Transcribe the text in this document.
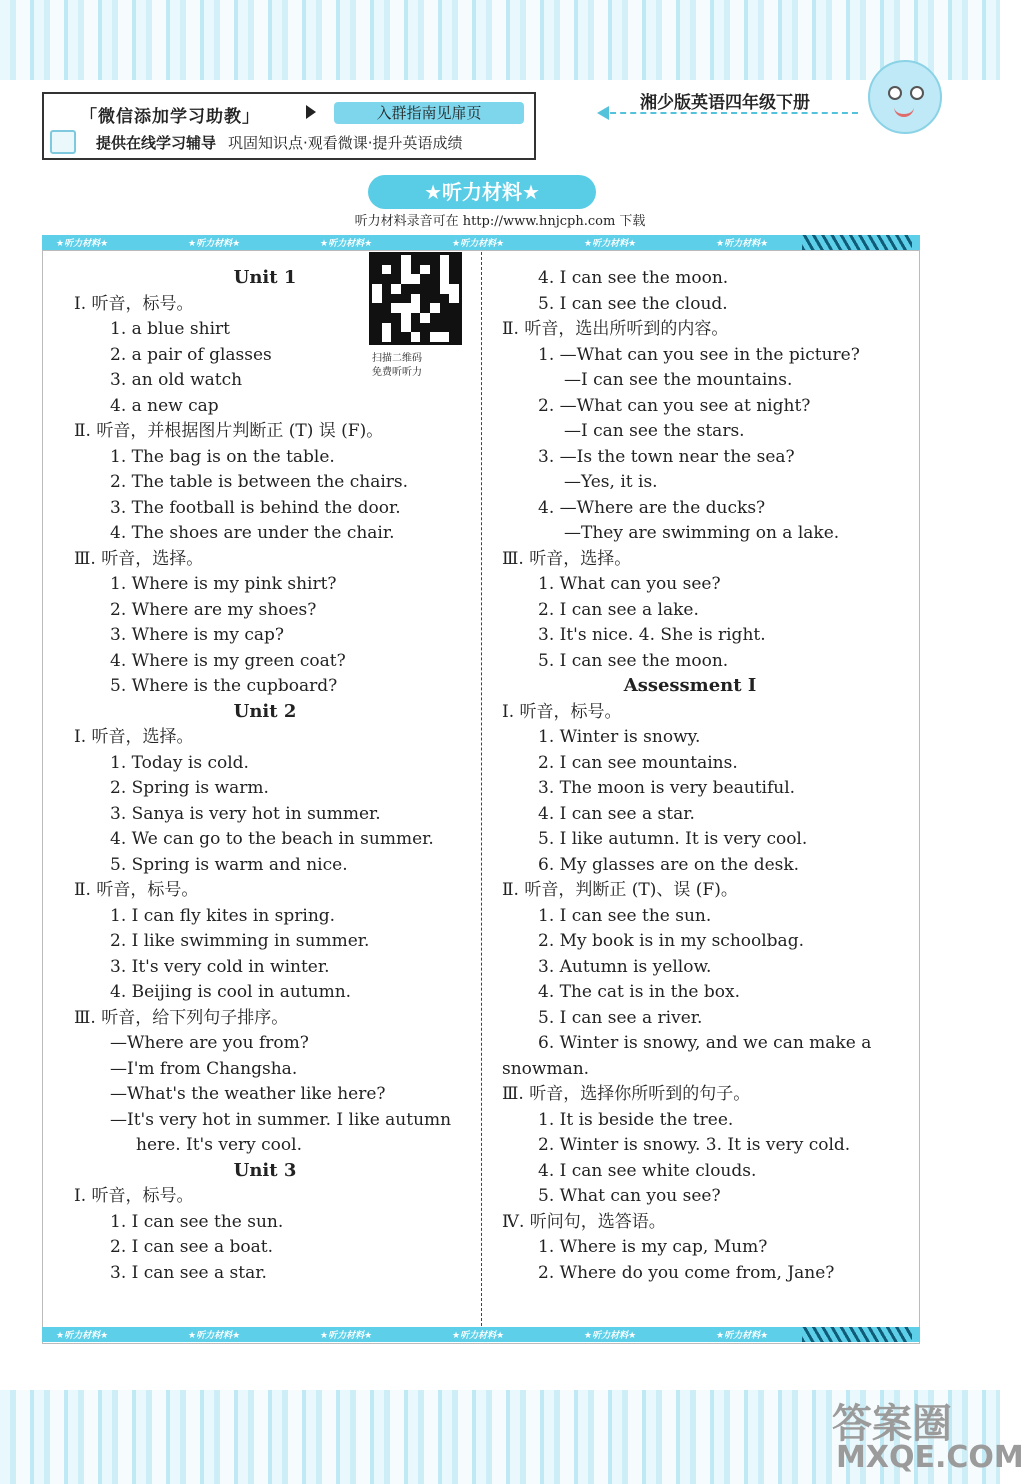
「微信添加学习助教」	入群指南见扉页
提供在线学习辅导 巩固知识点·观看微课·提升英语成绩
湘少版英语四年级下册
★听力材料★
听力材料录音可在 http://www.hnjcph.com 下载
★听力材料★	★听力材料★	★听力材料★	★听力材料★	★听力材料★	★听力材料★
扫描二维码
免费听听力
Unit 1
Ⅰ. 听音，标号。
1. a blue shirt
2. a pair of glasses
3. an old watch
4. a new cap
Ⅱ. 听音，并根据图片判断正 (T) 误 (F)。
1. The bag is on the table.
2. The table is between the chairs.
3. The football is behind the door.
4. The shoes are under the chair.
Ⅲ. 听音，选择。
1. Where is my pink shirt?
2. Where are my shoes?
3. Where is my cap?
4. Where is my green coat?
5. Where is the cupboard?
Unit 2
Ⅰ. 听音，选择。
1. Today is cold.
2. Spring is warm.
3. Sanya is very hot in summer.
4. We can go to the beach in summer.
5. Spring is warm and nice.
Ⅱ. 听音，标号。
1. I can fly kites in spring.
2. I like swimming in summer.
3. It's very cold in winter.
4. Beijing is cool in autumn.
Ⅲ. 听音，给下列句子排序。
—Where are you from?
—I'm from Changsha.
—What's the weather like here?
—It's very hot in summer. I like autumn
here. It's very cool.
Unit 3
Ⅰ. 听音，标号。
1. I can see the sun.
2. I can see a boat.
3. I can see a star.
4. I can see the moon.
5. I can see the cloud.
Ⅱ. 听音，选出所听到的内容。
1. —What can you see in the picture?
—I can see the mountains.
2. —What can you see at night?
—I can see the stars.
3. —Is the town near the sea?
—Yes, it is.
4. —Where are the ducks?
—They are swimming on a lake.
Ⅲ. 听音，选择。
1. What can you see?
2. I can see a lake.
3. It's nice. 4. She is right.
5. I can see the moon.
Assessment Ⅰ
Ⅰ. 听音，标号。
1. Winter is snowy.
2. I can see mountains.
3. The moon is very beautiful.
4. I can see a star.
5. I like autumn. It is very cool.
6. My glasses are on the desk.
Ⅱ. 听音，判断正 (T)、误 (F)。
1. I can see the sun.
2. My book is in my schoolbag.
3. Autumn is yellow.
4. The cat is in the box.
5. I can see a river.
6. Winter is snowy, and we can make a
snowman.
Ⅲ. 听音，选择你所听到的句子。
1. It is beside the tree.
2. Winter is snowy. 3. It is very cold.
4. I can see white clouds.
5. What can you see?
Ⅳ. 听问句，选答语。
1. Where is my cap, Mum?
2. Where do you come from, Jane?
★听力材料★	★听力材料★	★听力材料★	★听力材料★	★听力材料★	★听力材料★
答案圈
MXQE.COM
